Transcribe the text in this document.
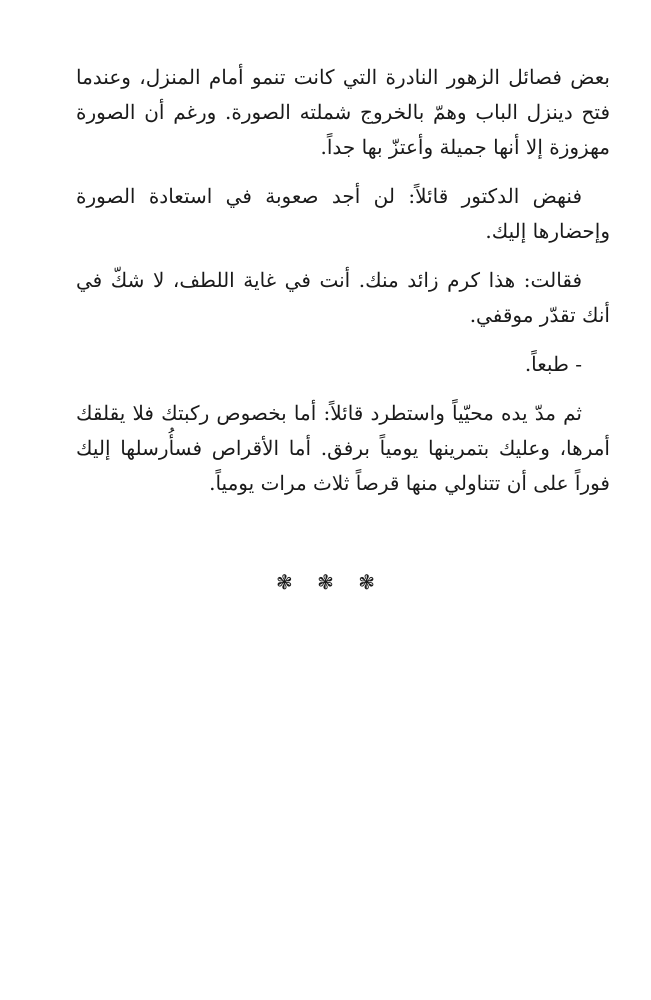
بعض فصائل الزهور النادرة التي كانت تنمو أمام المنزل، وعندما فتح دينزل الباب وهمّ بالخروج شملته الصورة. ورغم أن الصورة مهزوزة إلا أنها جميلة وأعتزّ بها جداً.

فنهض الدكتور قائلاً: لن أجد صعوبة في استعادة الصورة وإحضارها إليك.

فقالت: هذا كرم زائد منك. أنت في غاية اللطف، لا شكّ في أنك تقدّر موقفي.

- طبعاً.

ثم مدّ يده محيّياً واستطرد قائلاً: أما بخصوص ركبتك فلا يقلقك أمرها، وعليك بتمرينها يومياً برفق. أما الأقراص فسأُرسلها إليك فوراً على أن تتناولي منها قرصاً ثلاث مرات يومياً.

❃ ❃ ❃
